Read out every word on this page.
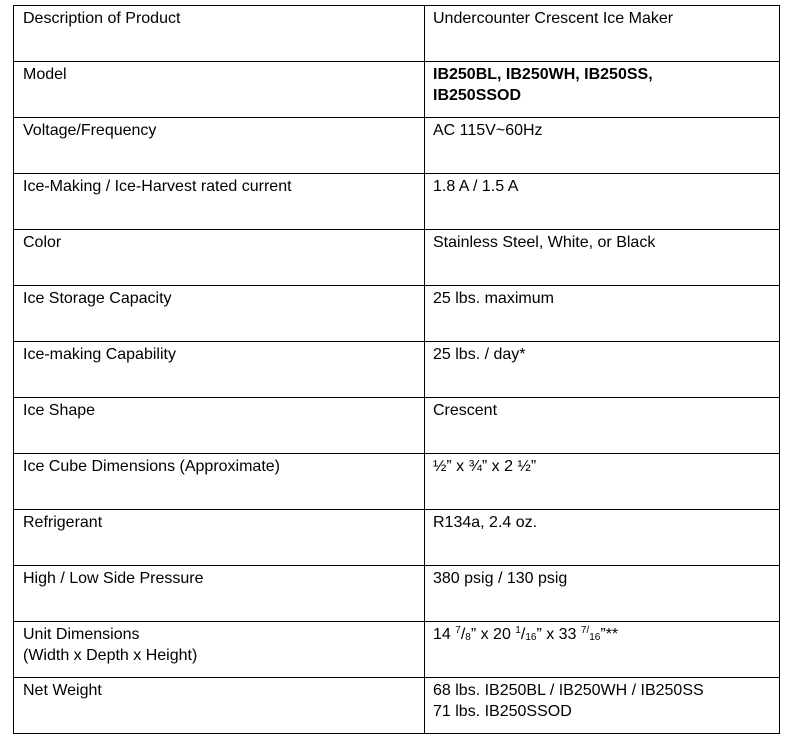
Description of Product	Undercounter Crescent Ice Maker
Model	IB250BL, IB250WH, IB250SS,
IB250SSOD

Voltage/Frequency	AC 115V~60Hz
Ice-Making / Ice-Harvest rated current	1.8 A / 1.5 A
Color	Stainless Steel, White, or Black
Ice Storage Capacity	25 lbs. maximum
Ice-making Capability	25 lbs. / day*
Ice Shape	Crescent
Ice Cube Dimensions (Approximate)	½” x ¾” x 2 ½”
Refrigerant	R134a, 2.4 oz.
High / Low Side Pressure	380 psig / 130 psig

Unit Dimensions
(Width x Depth x Height)	14 $^7/_8$” x 20 $^1/_{16}$” x 33 $^{7/}_{16}$”**
Net Weight	68 lbs. IB250BL / IB250WH / IB250SS
71 lbs. IB250SSOD
